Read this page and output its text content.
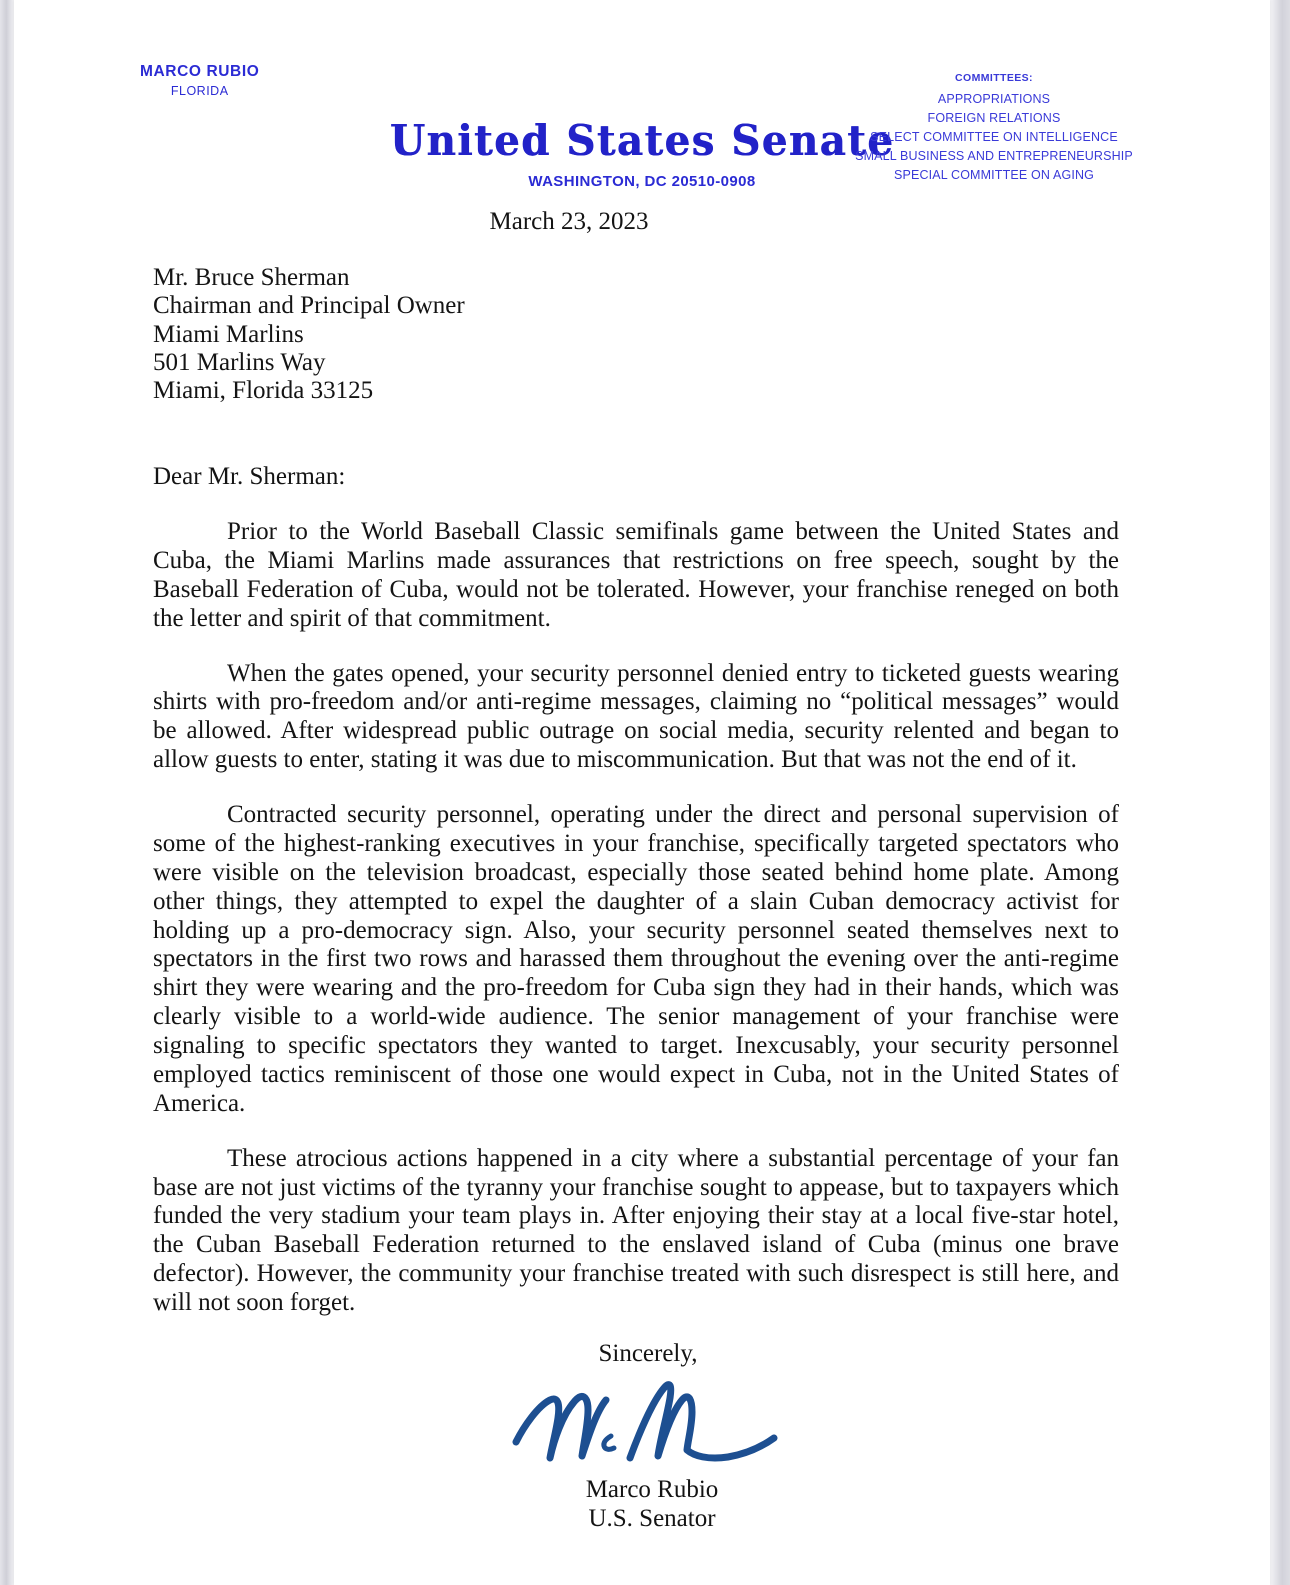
MARCO RUBIO
FLORIDA
United States Senate
WASHINGTON, DC 20510-0908
COMMITTEES:
APPROPRIATIONS
FOREIGN RELATIONS
SELECT COMMITTEE ON INTELLIGENCE
SMALL BUSINESS AND ENTREPRENEURSHIP
SPECIAL COMMITTEE ON AGING
March 23, 2023
Mr. Bruce Sherman
Chairman and Principal Owner
Miami Marlins
501 Marlins Way
Miami, Florida 33125
Dear Mr. Sherman:

Prior to the World Baseball Classic semifinals game between the United States and Cuba, the Miami Marlins made assurances that restrictions on free speech, sought by the Baseball Federation of Cuba, would not be tolerated. However, your franchise reneged on both the letter and spirit of that commitment.

When the gates opened, your security personnel denied entry to ticketed guests wearing shirts with pro-freedom and/or anti-regime messages, claiming no “political messages” would be allowed. After widespread public outrage on social media, security relented and began to allow guests to enter, stating it was due to miscommunication. But that was not the end of it.

Contracted security personnel, operating under the direct and personal supervision of some of the highest-ranking executives in your franchise, specifically targeted spectators who were visible on the television broadcast, especially those seated behind home plate. Among other things, they attempted to expel the daughter of a slain Cuban democracy activist for holding up a pro-democracy sign. Also, your security personnel seated themselves next to spectators in the first two rows and harassed them throughout the evening over the anti-regime shirt they were wearing and the pro-freedom for Cuba sign they had in their hands, which was clearly visible to a world-wide audience. The senior management of your franchise were signaling to specific spectators they wanted to target. Inexcusably, your security personnel employed tactics reminiscent of those one would expect in Cuba, not in the United States of America.

These atrocious actions happened in a city where a substantial percentage of your fan base are not just victims of the tyranny your franchise sought to appease, but to taxpayers which funded the very stadium your team plays in. After enjoying their stay at a local five-star hotel, the Cuban Baseball Federation returned to the enslaved island of Cuba (minus one brave defector). However, the community your franchise treated with such disrespect is still here, and will not soon forget.

Sincerely,
Marco Rubio
U.S. Senator
